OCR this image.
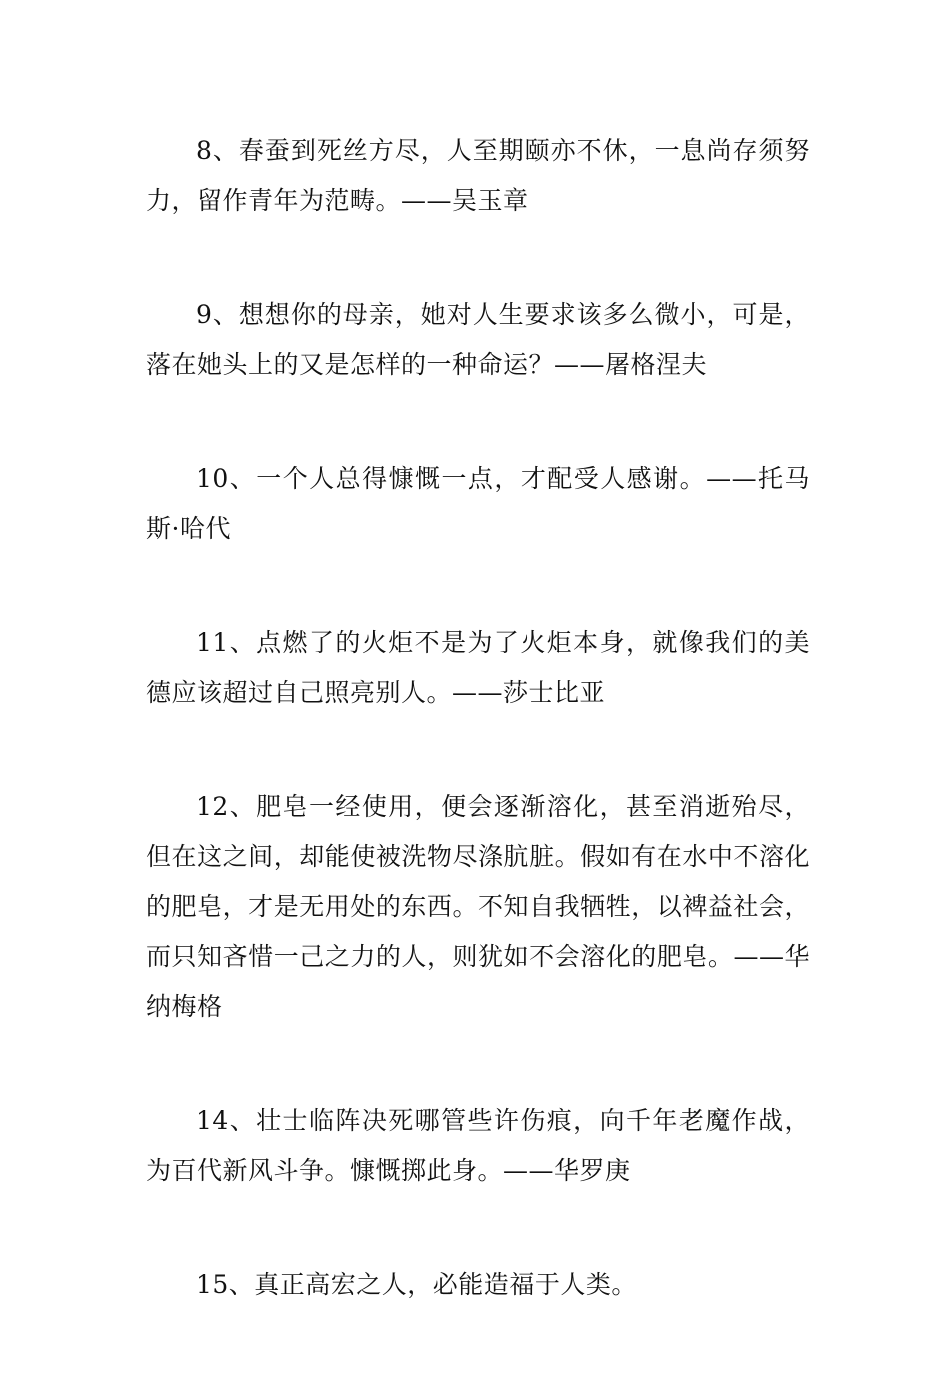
8、春蚕到死丝方尽，人至期颐亦不休，一息尚存须努力，留作青年为范畴。——吴玉章

9、想想你的母亲，她对人生要求该多么微小，可是，落在她头上的又是怎样的一种命运？——屠格涅夫

10、一个人总得慷慨一点，才配受人感谢。——托马斯·哈代

11、点燃了的火炬不是为了火炬本身，就像我们的美德应该超过自己照亮别人。——莎士比亚

12、肥皂一经使用，便会逐渐溶化，甚至消逝殆尽，但在这之间，却能使被洗物尽涤肮脏。假如有在水中不溶化的肥皂，才是无用处的东西。不知自我牺牲，以裨益社会，而只知吝惜一己之力的人，则犹如不会溶化的肥皂。——华纳梅格

14、壮士临阵决死哪管些许伤痕，向千年老魔作战，为百代新风斗争。慷慨掷此身。——华罗庚

15、真正高宏之人，必能造福于人类。
